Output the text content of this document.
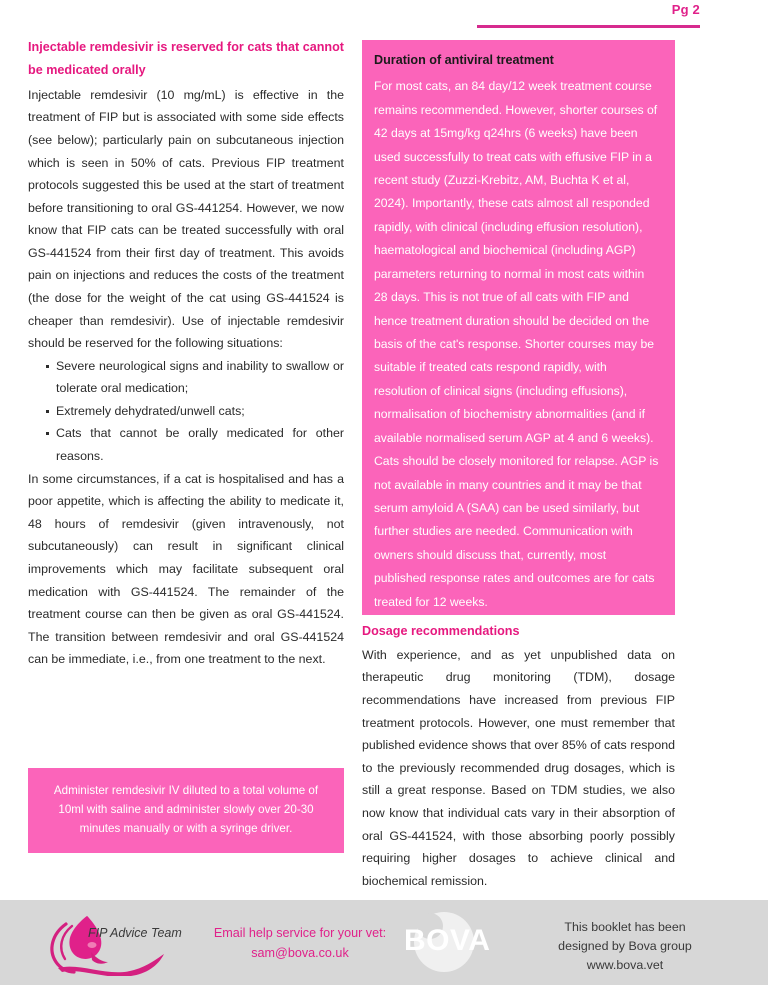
Pg 2
Injectable remdesivir is reserved for cats that cannot be medicated orally

Injectable remdesivir (10 mg/mL) is effective in the treatment of FIP but is associated with some side effects (see below); particularly pain on subcutaneous injection which is seen in 50% of cats. Previous FIP treatment protocols suggested this be used at the start of treatment before transitioning to oral GS-441254. However, we now know that FIP cats can be treated successfully with oral GS-441524 from their first day of treatment. This avoids pain on injections and reduces the costs of the treatment (the dose for the weight of the cat using GS-441524 is cheaper than remdesivir). Use of injectable remdesivir should be reserved for the following situations:

Severe neurological signs and inability to swallow or tolerate oral medication;
Extremely dehydrated/unwell cats;
Cats that cannot be orally medicated for other reasons.

In some circumstances, if a cat is hospitalised and has a poor appetite, which is affecting the ability to medicate it, 48 hours of remdesivir (given intravenously, not subcutaneously) can result in significant clinical improvements which may facilitate subsequent oral medication with GS-441524. The remainder of the treatment course can then be given as oral GS-441524. The transition between remdesivir and oral GS-441524 can be immediate, i.e., from one treatment to the next.

Administer remdesivir IV diluted to a total volume of 10ml with saline and administer slowly over 20-30 minutes manually or with a syringe driver.

Duration of antiviral treatment

For most cats, an 84 day/12 week treatment course remains recommended. However, shorter courses of 42 days at 15mg/kg q24hrs (6 weeks) have been used successfully to treat cats with effusive FIP in a recent study (Zuzzi-Krebitz, AM, Buchta K et al, 2024). Importantly, these cats almost all responded rapidly, with clinical (including effusion resolution), haematological and biochemical (including AGP) parameters returning to normal in most cats within 28 days. This is not true of all cats with FIP and hence treatment duration should be decided on the basis of the cat's response. Shorter courses may be suitable if treated cats respond rapidly, with resolution of clinical signs (including effusions), normalisation of biochemistry abnormalities (and if available normalised serum AGP at 4 and 6 weeks). Cats should be closely monitored for relapse. AGP is not available in many countries and it may be that serum amyloid A (SAA) can be used similarly, but further studies are needed. Communication with owners should discuss that, currently, most published response rates and outcomes are for cats treated for 12 weeks.

Dosage recommendations

With experience, and as yet unpublished data on therapeutic drug monitoring (TDM), dosage recommendations have increased from previous FIP treatment protocols. However, one must remember that published evidence shows that over 85% of cats respond to the previously recommended drug dosages, which is still a great response. Based on TDM studies, we also now know that individual cats vary in their absorption of oral GS-441524, with those absorbing poorly possibly requiring higher dosages to achieve clinical and biochemical remission.

FIP Advice Team	Email help service for your vet:
sam@bova.co.uk	BOVA	This booklet has been
designed by Bova group
www.bova.vet
